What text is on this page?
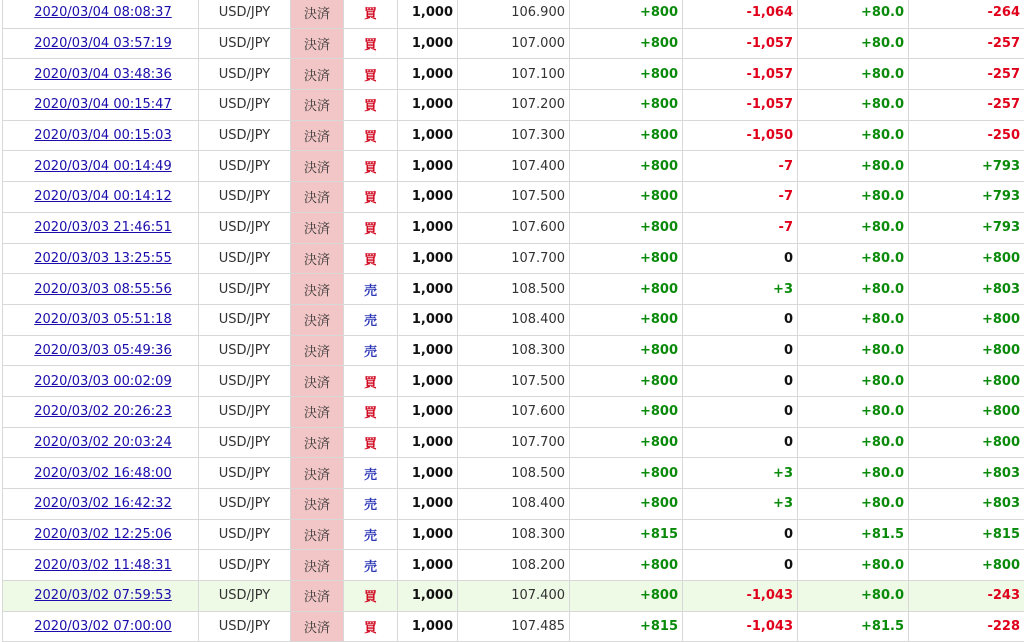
2020/03/04 08:08:37	USD/JPY	決済	買	1,000	106.900	+800	-1,064	+80.0	-264
2020/03/04 03:57:19	USD/JPY	決済	買	1,000	107.000	+800	-1,057	+80.0	-257
2020/03/04 03:48:36	USD/JPY	決済	買	1,000	107.100	+800	-1,057	+80.0	-257
2020/03/04 00:15:47	USD/JPY	決済	買	1,000	107.200	+800	-1,057	+80.0	-257
2020/03/04 00:15:03	USD/JPY	決済	買	1,000	107.300	+800	-1,050	+80.0	-250
2020/03/04 00:14:49	USD/JPY	決済	買	1,000	107.400	+800	-7	+80.0	+793
2020/03/04 00:14:12	USD/JPY	決済	買	1,000	107.500	+800	-7	+80.0	+793
2020/03/03 21:46:51	USD/JPY	決済	買	1,000	107.600	+800	-7	+80.0	+793
2020/03/03 13:25:55	USD/JPY	決済	買	1,000	107.700	+800	0	+80.0	+800
2020/03/03 08:55:56	USD/JPY	決済	売	1,000	108.500	+800	+3	+80.0	+803
2020/03/03 05:51:18	USD/JPY	決済	売	1,000	108.400	+800	0	+80.0	+800
2020/03/03 05:49:36	USD/JPY	決済	売	1,000	108.300	+800	0	+80.0	+800
2020/03/03 00:02:09	USD/JPY	決済	買	1,000	107.500	+800	0	+80.0	+800
2020/03/02 20:26:23	USD/JPY	決済	買	1,000	107.600	+800	0	+80.0	+800
2020/03/02 20:03:24	USD/JPY	決済	買	1,000	107.700	+800	0	+80.0	+800
2020/03/02 16:48:00	USD/JPY	決済	売	1,000	108.500	+800	+3	+80.0	+803
2020/03/02 16:42:32	USD/JPY	決済	売	1,000	108.400	+800	+3	+80.0	+803
2020/03/02 12:25:06	USD/JPY	決済	売	1,000	108.300	+815	0	+81.5	+815
2020/03/02 11:48:31	USD/JPY	決済	売	1,000	108.200	+800	0	+80.0	+800
2020/03/02 07:59:53	USD/JPY	決済	買	1,000	107.400	+800	-1,043	+80.0	-243
2020/03/02 07:00:00	USD/JPY	決済	買	1,000	107.485	+815	-1,043	+81.5	-228
